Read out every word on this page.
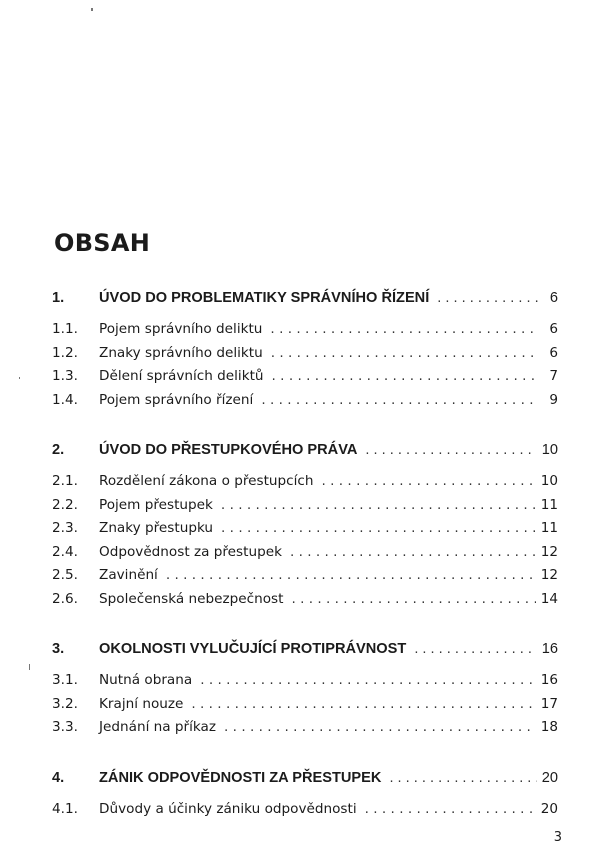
OBSAH
1.	ÚVOD DO PROBLEMATIKY SPRÁVNÍHO ŘÍZENÍ . . .	6
1.1.	Pojem správního deliktu . . .	6
1.2.	Znaky správního deliktu . . .	6
1.3.	Dělení správních deliktů . . .	7
1.4.	Pojem správního řízení . . .	9
2.	ÚVOD DO PŘESTUPKOVÉHO PRÁVA . . .	10
2.1.	Rozdělení zákona o přestupcích . . .	10
2.2.	Pojem přestupek . . .	11
2.3.	Znaky přestupku . . .	11
2.4.	Odpovědnost za přestupek . . .	12
2.5.	Zavinění . . .	12
2.6.	Společenská nebezpečnost . . .	14
3.	OKOLNOSTI VYLUČUJÍCÍ PROTIPRÁVNOST . . .	16
3.1.	Nutná obrana . . .	16
3.2.	Krajní nouze . . .	17
3.3.	Jednání na příkaz . . .	18
4.	ZÁNIK ODPOVĚDNOSTI ZA PŘESTUPEK . . .	20
4.1.	Důvody a účinky zániku odpovědnosti . . .	20
3
